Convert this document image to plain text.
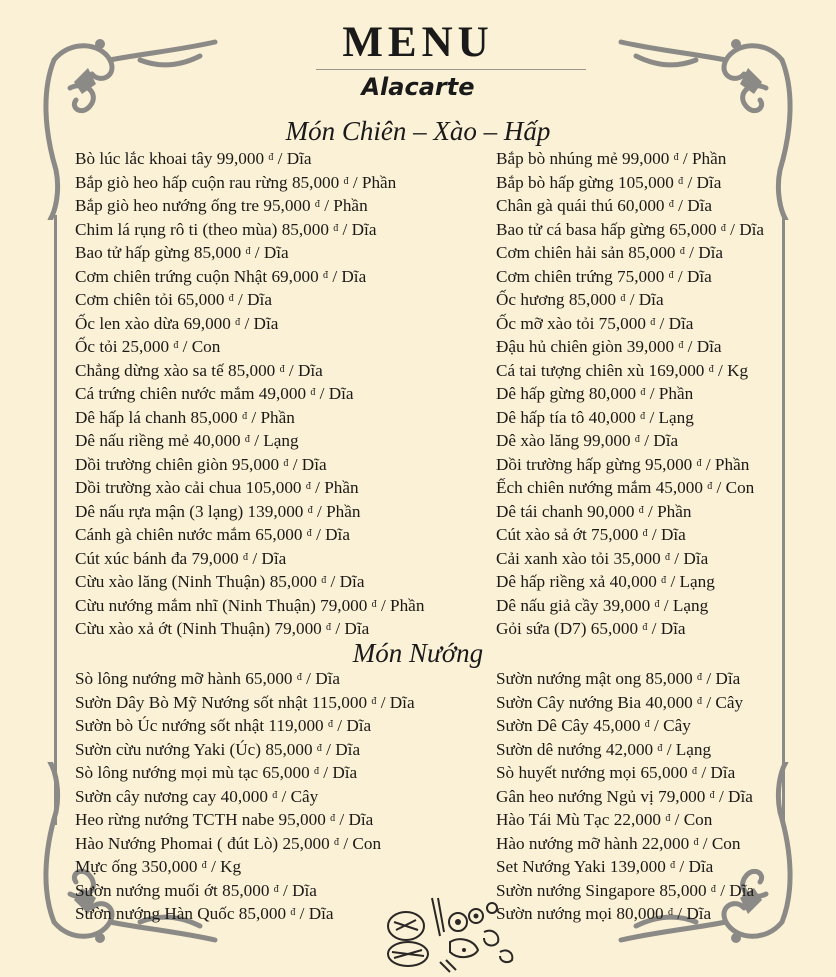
MENU
Alacarte
Món Chiên – Xào – Hấp
Bò lúc lắc khoai tây 99,000 $^đ$ / Dĩa
Bắp giò heo hấp cuộn rau rừng 85,000 $^đ$ / Phần
Bắp giò heo nướng ống tre 95,000 $^đ$ / Phần
Chim lá rụng rô ti (theo mùa) 85,000 $^đ$ / Dĩa
Bao tử hấp gừng 85,000 $^đ$ / Dĩa
Cơm chiên trứng cuộn Nhật 69,000 $^đ$ / Dĩa
Cơm chiên tỏi 65,000 $^đ$ / Dĩa
Ốc len xào dừa 69,000 $^đ$ / Dĩa
Ốc tỏi 25,000 $^đ$ / Con
Chẳng dừng xào sa tế 85,000 $^đ$ / Dĩa
Cá trứng chiên nước mắm 49,000 $^đ$ / Dĩa
Dê hấp lá chanh 85,000 $^đ$ / Phần
Dê nấu riềng mẻ 40,000 $^đ$ / Lạng
Dồi trường chiên giòn 95,000 $^đ$ / Dĩa
Dồi trường xào cải chua 105,000 $^đ$ / Phần
Dê nấu rựa mận (3 lạng) 139,000 $^đ$ / Phần
Cánh gà chiên nước mắm 65,000 $^đ$ / Dĩa
Cút xúc bánh đa 79,000 $^đ$ / Dĩa
Cừu xào lăng (Ninh Thuận) 85,000 $^đ$ / Dĩa
Cừu nướng mắm nhĩ (Ninh Thuận) 79,000 $^đ$ / Phần
Cừu xào xả ớt (Ninh Thuận) 79,000 $^đ$ / Dĩa
Bắp bò nhúng mẻ 99,000 $^đ$ / Phần
Bắp bò hấp gừng 105,000 $^đ$ / Dĩa
Chân gà quái thú 60,000 $^đ$ / Dĩa
Bao tử cá basa hấp gừng 65,000 $^đ$ / Dĩa
Cơm chiên hải sản 85,000 $^đ$ / Dĩa
Cơm chiên trứng 75,000 $^đ$ / Dĩa
Ốc hương 85,000 $^đ$ / Dĩa
Ốc mỡ xào tỏi 75,000 $^đ$ / Dĩa
Đậu hủ chiên giòn 39,000 $^đ$ / Dĩa
Cá tai tượng chiên xù 169,000 $^đ$ / Kg
Dê hấp gừng 80,000 $^đ$ / Phần
Dê hấp tía tô 40,000 $^đ$ / Lạng
Dê xào lăng 99,000 $^đ$ / Dĩa
Dồi trường hấp gừng 95,000 $^đ$ / Phần
Ếch chiên nướng mắm 45,000 $^đ$ / Con
Dê tái chanh 90,000 $^đ$ / Phần
Cút xào sả ớt 75,000 $^đ$ / Dĩa
Cải xanh xào tỏi 35,000 $^đ$ / Dĩa
Dê hấp riềng xả 40,000 $^đ$ / Lạng
Dê nấu giả cầy 39,000 $^đ$ / Lạng
Gỏi sứa (D7) 65,000 $^đ$ / Dĩa
Món Nướng
Sò lông nướng mỡ hành 65,000 $^đ$ / Dĩa
Sườn Dây Bò Mỹ Nướng sốt nhật 115,000 $^đ$ / Dĩa
Sườn bò Úc nướng sốt nhật 119,000 $^đ$ / Dĩa
Sườn cừu nướng Yaki (Úc) 85,000 $^đ$ / Dĩa
Sò lông nướng mọi mù tạc 65,000 $^đ$ / Dĩa
Sườn cây nương cay 40,000 $^đ$ / Cây
Heo rừng nướng TCTH nabe 95,000 $^đ$ / Dĩa
Hào Nướng Phomai ( đút Lò) 25,000 $^đ$ / Con
Mực ống 350,000 $^đ$ / Kg
Sườn nướng muối ớt 85,000 $^đ$ / Dĩa
Sườn nướng Hàn Quốc 85,000 $^đ$ / Dĩa
Sườn nướng mật ong 85,000 $^đ$ / Dĩa
Sườn Cây nướng Bia 40,000 $^đ$ / Cây
Sườn Dê Cây 45,000 $^đ$ / Cây
Sườn dê nướng 42,000 $^đ$ / Lạng
Sò huyết nướng mọi 65,000 $^đ$ / Dĩa
Gân heo nướng Ngủ vị 79,000 $^đ$ / Dĩa
Hào Tái Mù Tạc 22,000 $^đ$ / Con
Hào nướng mỡ hành 22,000 $^đ$ / Con
Set Nướng Yaki 139,000 $^đ$ / Dĩa
Sườn nướng Singapore 85,000 $^đ$ / Dĩa
Sườn nướng mọi 80,000 $^đ$ / Dĩa
